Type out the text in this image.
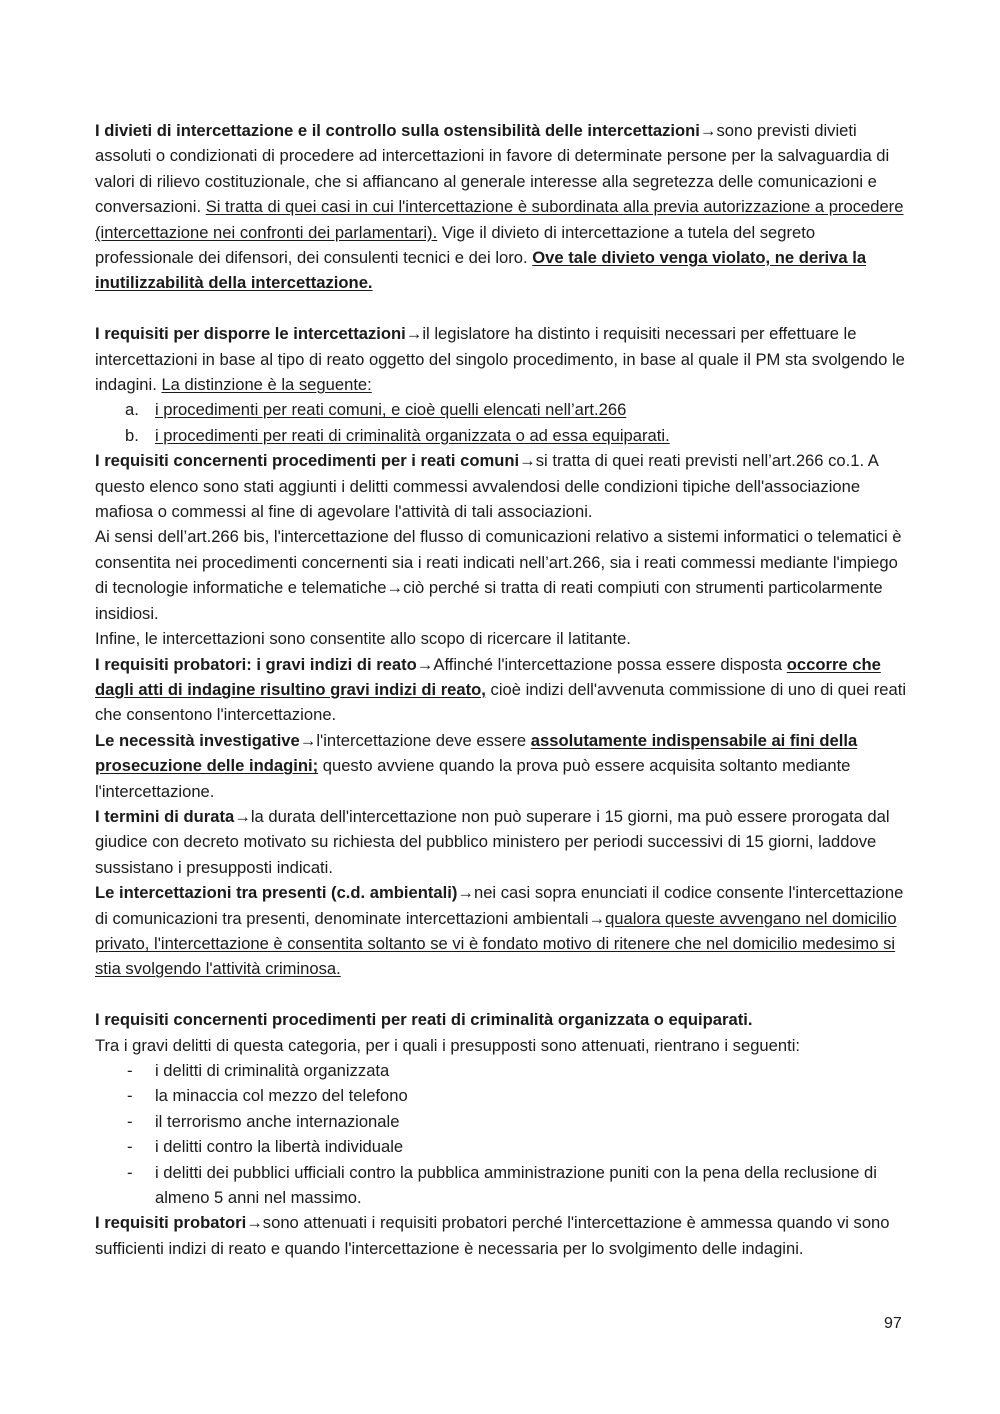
I divieti di intercettazione e il controllo sulla ostensibilità delle intercettazioni→sono previsti divieti assoluti o condizionati di procedere ad intercettazioni in favore di determinate persone per la salvaguardia di valori di rilievo costituzionale, che si affiancano al generale interesse alla segretezza delle comunicazioni e conversazioni. Si tratta di quei casi in cui l'intercettazione è subordinata alla previa autorizzazione a procedere (intercettazione nei confronti dei parlamentari). Vige il divieto di intercettazione a tutela del segreto professionale dei difensori, dei consulenti tecnici e dei loro. Ove tale divieto venga violato, ne deriva la inutilizzabilità della intercettazione.

I requisiti per disporre le intercettazioni→il legislatore ha distinto i requisiti necessari per effettuare le intercettazioni in base al tipo di reato oggetto del singolo procedimento, in base al quale il PM sta svolgendo le indagini. La distinzione è la seguente:

a. i procedimenti per reati comuni, e cioè quelli elencati nell’art.266
b. i procedimenti per reati di criminalità organizzata o ad essa equiparati.

I requisiti concernenti procedimenti per i reati comuni→si tratta di quei reati previsti nell’art.266 co.1. A questo elenco sono stati aggiunti i delitti commessi avvalendosi delle condizioni tipiche dell'associazione mafiosa o commessi al fine di agevolare l'attività di tali associazioni.

Ai sensi dell’art.266 bis, l'intercettazione del flusso di comunicazioni relativo a sistemi informatici o telematici è consentita nei procedimenti concernenti sia i reati indicati nell’art.266, sia i reati commessi mediante l'impiego di tecnologie informatiche e telematiche→ciò perché si tratta di reati compiuti con strumenti particolarmente insidiosi.

Infine, le intercettazioni sono consentite allo scopo di ricercare il latitante.

I requisiti probatori: i gravi indizi di reato→Affinché l'intercettazione possa essere disposta occorre che dagli atti di indagine risultino gravi indizi di reato, cioè indizi dell'avvenuta commissione di uno di quei reati che consentono l'intercettazione.

Le necessità investigative→l'intercettazione deve essere assolutamente indispensabile ai fini della prosecuzione delle indagini; questo avviene quando la prova può essere acquisita soltanto mediante l'intercettazione.

I termini di durata→la durata dell'intercettazione non può superare i 15 giorni, ma può essere prorogata dal giudice con decreto motivato su richiesta del pubblico ministero per periodi successivi di 15 giorni, laddove sussistano i presupposti indicati.

Le intercettazioni tra presenti (c.d. ambientali)→nei casi sopra enunciati il codice consente l'intercettazione di comunicazioni tra presenti, denominate intercettazioni ambientali→qualora queste avvengano nel domicilio privato, l'intercettazione è consentita soltanto se vi è fondato motivo di ritenere che nel domicilio medesimo si stia svolgendo l'attività criminosa.

I requisiti concernenti procedimenti per reati di criminalità organizzata o equiparati.

Tra i gravi delitti di questa categoria, per i quali i presupposti sono attenuati, rientrano i seguenti:

- i delitti di criminalità organizzata
- la minaccia col mezzo del telefono
- il terrorismo anche internazionale
- i delitti contro la libertà individuale
- i delitti dei pubblici ufficiali contro la pubblica amministrazione puniti con la pena della reclusione di almeno 5 anni nel massimo.

I requisiti probatori→sono attenuati i requisiti probatori perché l'intercettazione è ammessa quando vi sono sufficienti indizi di reato e quando l'intercettazione è necessaria per lo svolgimento delle indagini.

97
